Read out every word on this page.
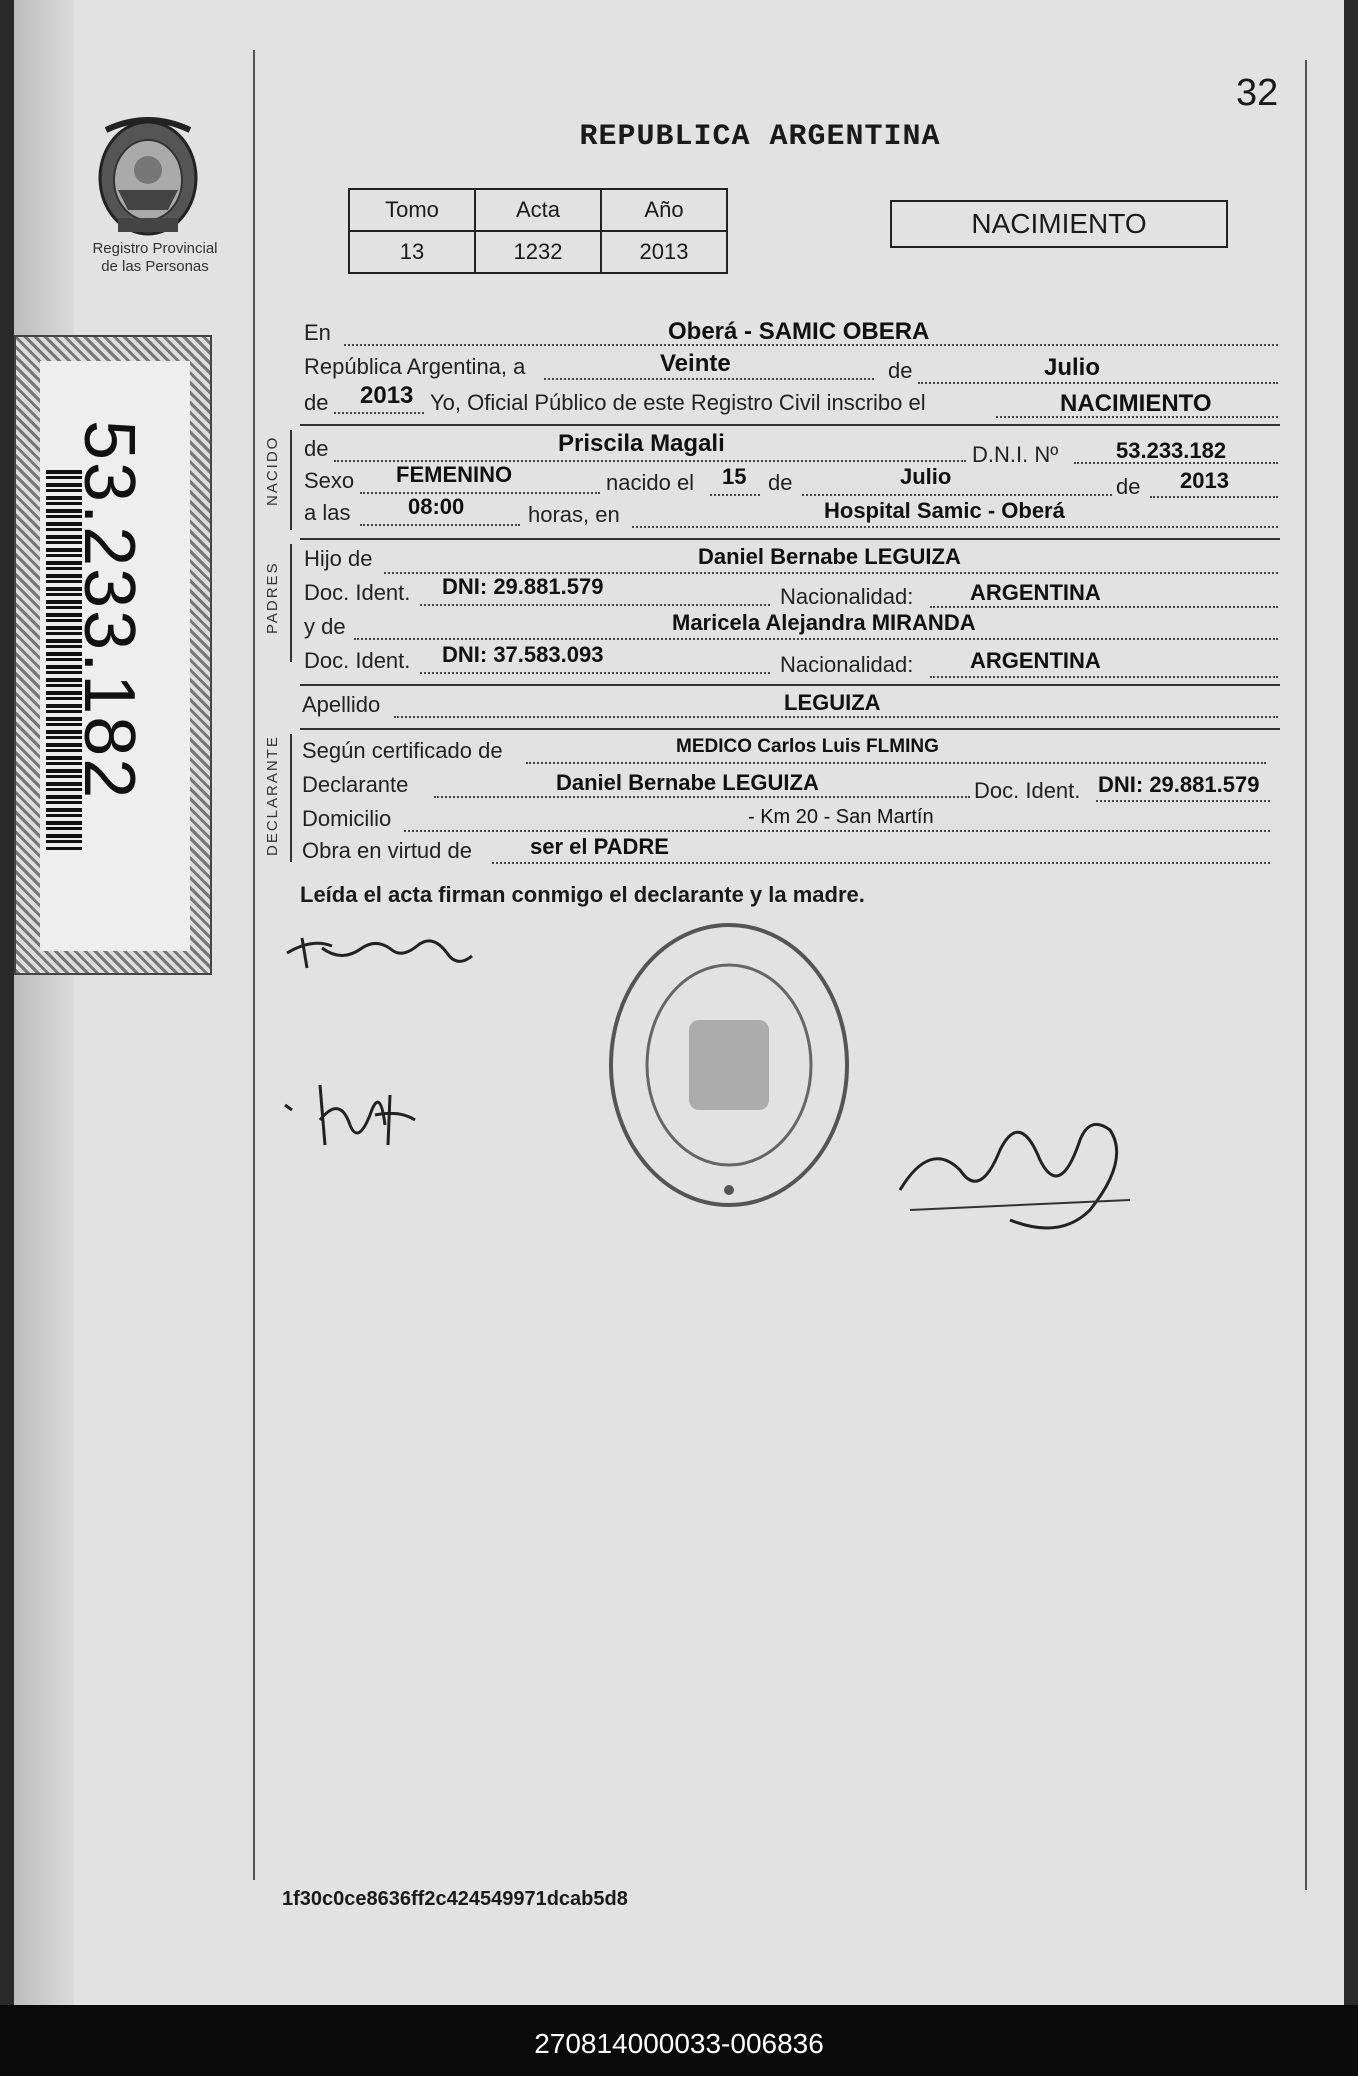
Registro Provincial
de las Personas
53.233.182
32
REPUBLICA ARGENTINA
Tomo	Acta	Año
13	1232	2013
NACIMIENTO
En	Oberá - SAMIC OBERA
República Argentina, a	Veinte	de	Julio
de 2013 Yo, Oficial Público de este Registro Civil inscribo el	NACIMIENTO
NACIDO de	Priscila Magali	D.N.I. Nº	53.233.182
Sexo FEMENINO	nacido el 15 de	Julio	de 2013
a las	08:00	horas, en	Hospital Samic - Oberá
PADRES
Hijo de	Daniel Bernabe LEGUIZA
Doc. Ident. DNI: 29.881.579	Nacionalidad:	ARGENTINA
y de	Maricela Alejandra MIRANDA
Doc. Ident. DNI: 37.583.093	Nacionalidad:	ARGENTINA
Apellido	LEGUIZA
DECLARANTE Según certificado de	MEDICO Carlos Luis FLMING
Declarante	Daniel Bernabe LEGUIZA	Doc. Ident. DNI: 29.881.579
Domicilio	- Km 20 - San Martín
Obra en virtud de	ser el PADRE
Leída el acta firman conmigo el declarante y la madre.
1f30c0ce8636ff2c424549971dcab5d8
270814000033-006836
